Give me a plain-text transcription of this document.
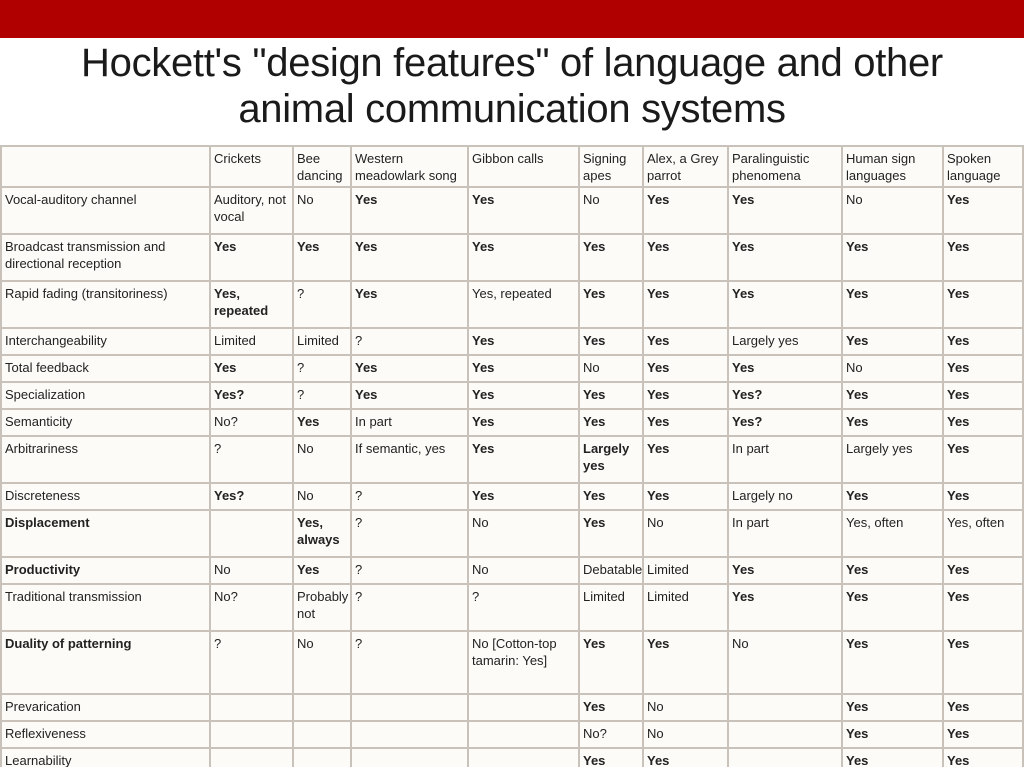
Hockett's "design features" of language and other
animal communication systems
	Crickets	Bee dancing	Western meadowlark song	Gibbon calls	Signing apes	Alex, a Grey parrot	Paralinguistic phenomena	Human sign languages	Spoken language
Vocal-auditory channel	Auditory, not vocal	No	Yes	Yes	No	Yes	Yes	No	Yes
Broadcast transmission and directional reception	Yes	Yes	Yes	Yes	Yes	Yes	Yes	Yes	Yes
Rapid fading (transitoriness)	Yes, repeated	?	Yes	Yes, repeated	Yes	Yes	Yes	Yes	Yes
Interchangeability	Limited	Limited	?	Yes	Yes	Yes	Largely yes	Yes	Yes
Total feedback	Yes	?	Yes	Yes	No	Yes	Yes	No	Yes
Specialization	Yes?	?	Yes	Yes	Yes	Yes	Yes?	Yes	Yes
Semanticity	No?	Yes	In part	Yes	Yes	Yes	Yes?	Yes	Yes
Arbitrariness	?	No	If semantic, yes	Yes	Largely yes	Yes	In part	Largely yes	Yes
Discreteness	Yes?	No	?	Yes	Yes	Yes	Largely no	Yes	Yes
Displacement		Yes, always	?	No	Yes	No	In part	Yes, often	Yes, often
Productivity	No	Yes	?	No	Debatable	Limited	Yes	Yes	Yes
Traditional transmission	No?	Probably not	?	?	Limited	Limited	Yes	Yes	Yes
Duality of patterning	?	No	?	No [Cotton-top tamarin: Yes]	Yes	Yes	No	Yes	Yes
Prevarication					Yes	No		Yes	Yes
Reflexiveness					No?	No		Yes	Yes
Learnability					Yes	Yes		Yes	Yes
